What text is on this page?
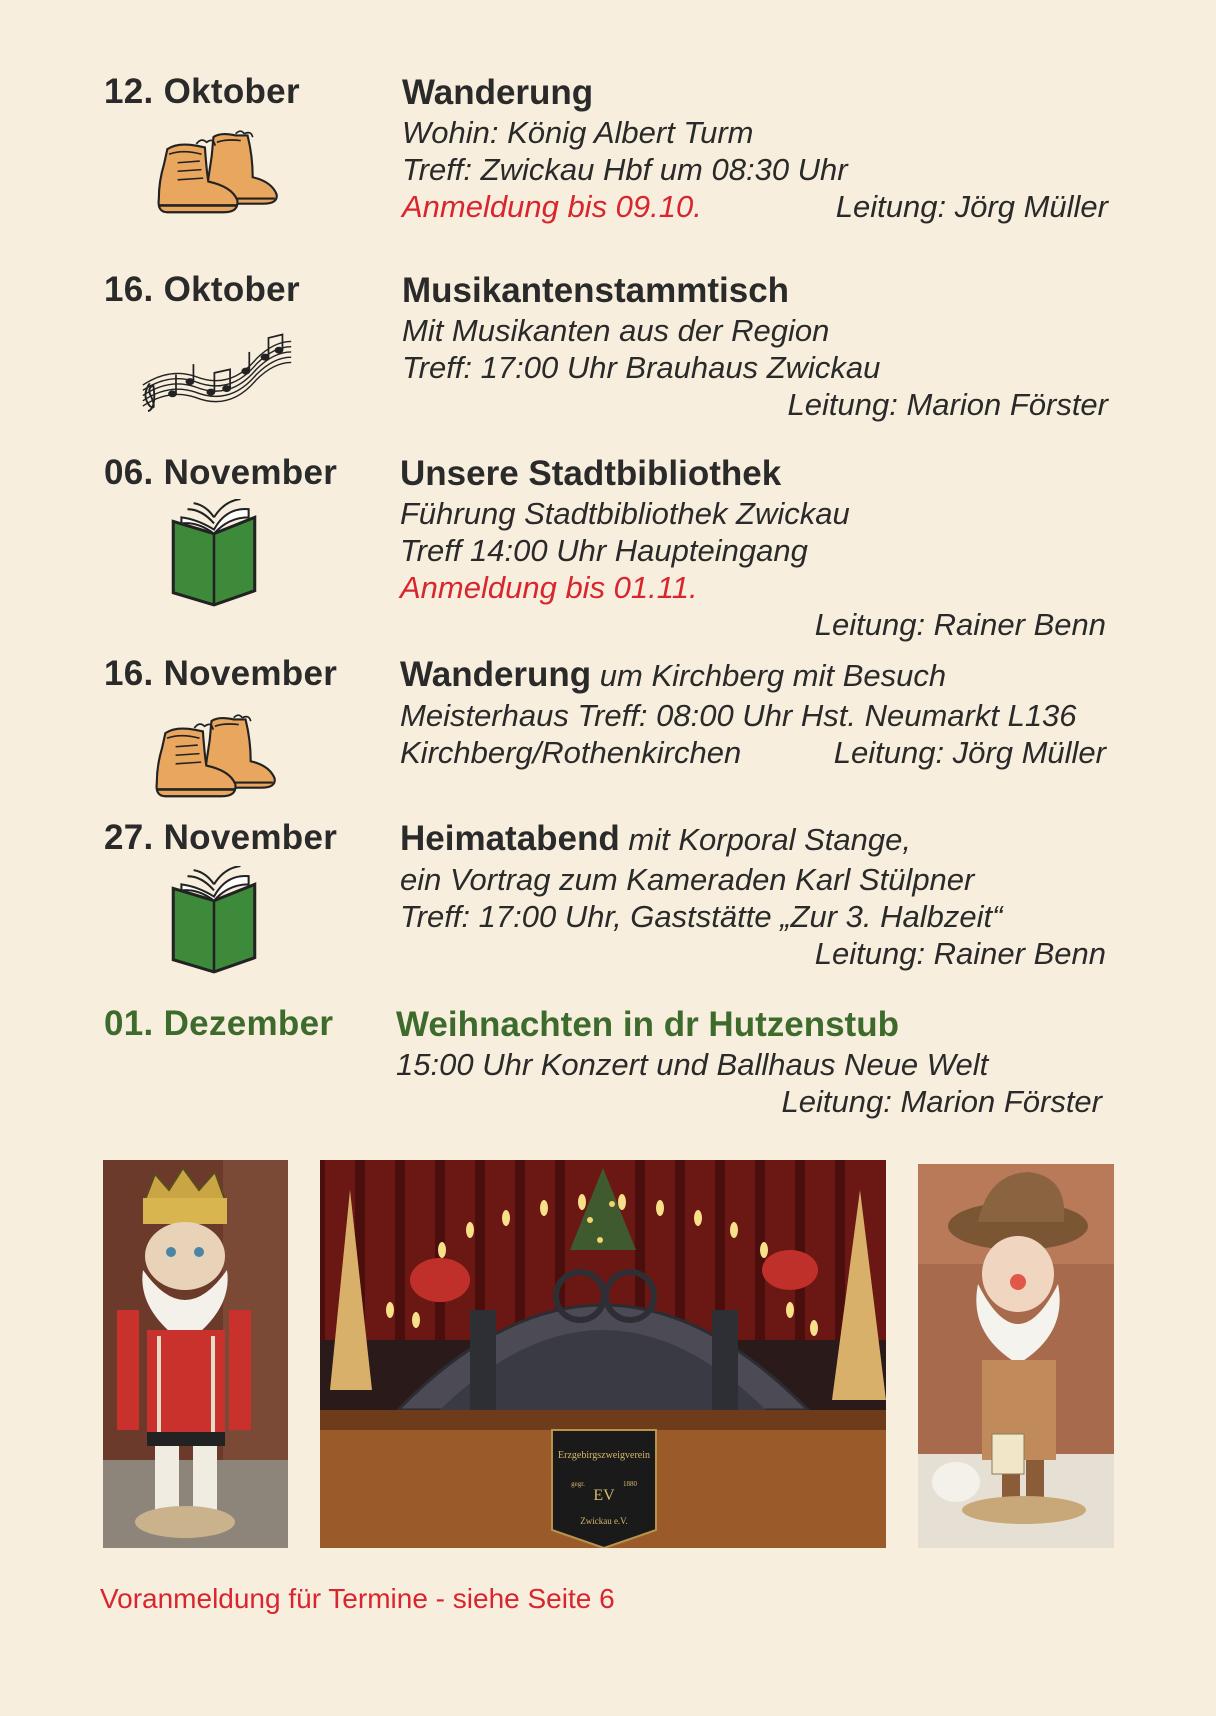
12. Oktober	Wanderung
Wohin: König Albert Turm
Treff: Zwickau Hbf um 08:30 Uhr
Anmeldung bis 09.10.	Leitung: Jörg Müller
16. Oktober	Musikantenstammtisch
Mit Musikanten aus der Region
Treff: 17:00 Uhr Brauhaus Zwickau
Leitung: Marion Förster
06. November Unsere Stadtbibliothek
Führung Stadtbibliothek Zwickau
Treff 14:00 Uhr Haupteingang
Anmeldung bis 01.11.
Leitung: Rainer Benn
16. November Wanderung um Kirchberg mit Besuch
Meisterhaus Treff: 08:00 Uhr Hst. Neumarkt L136
Kirchberg/Rothenkirchen	Leitung: Jörg Müller
27. November Heimatabend mit Korporal Stange,
ein Vortrag zum Kameraden Karl Stülpner
Treff: 17:00 Uhr, Gaststätte „Zur 3. Halbzeit“
Leitung: Rainer Benn
01. Dezember Weihnachten in dr Hutzenstub
15:00 Uhr Konzert und Ballhaus Neue Welt
Leitung: Marion Förster
Erzgebirgszweigverein
EV
gegr.	1880
Zwickau e.V.
Voranmeldung für Termine - siehe Seite 6
